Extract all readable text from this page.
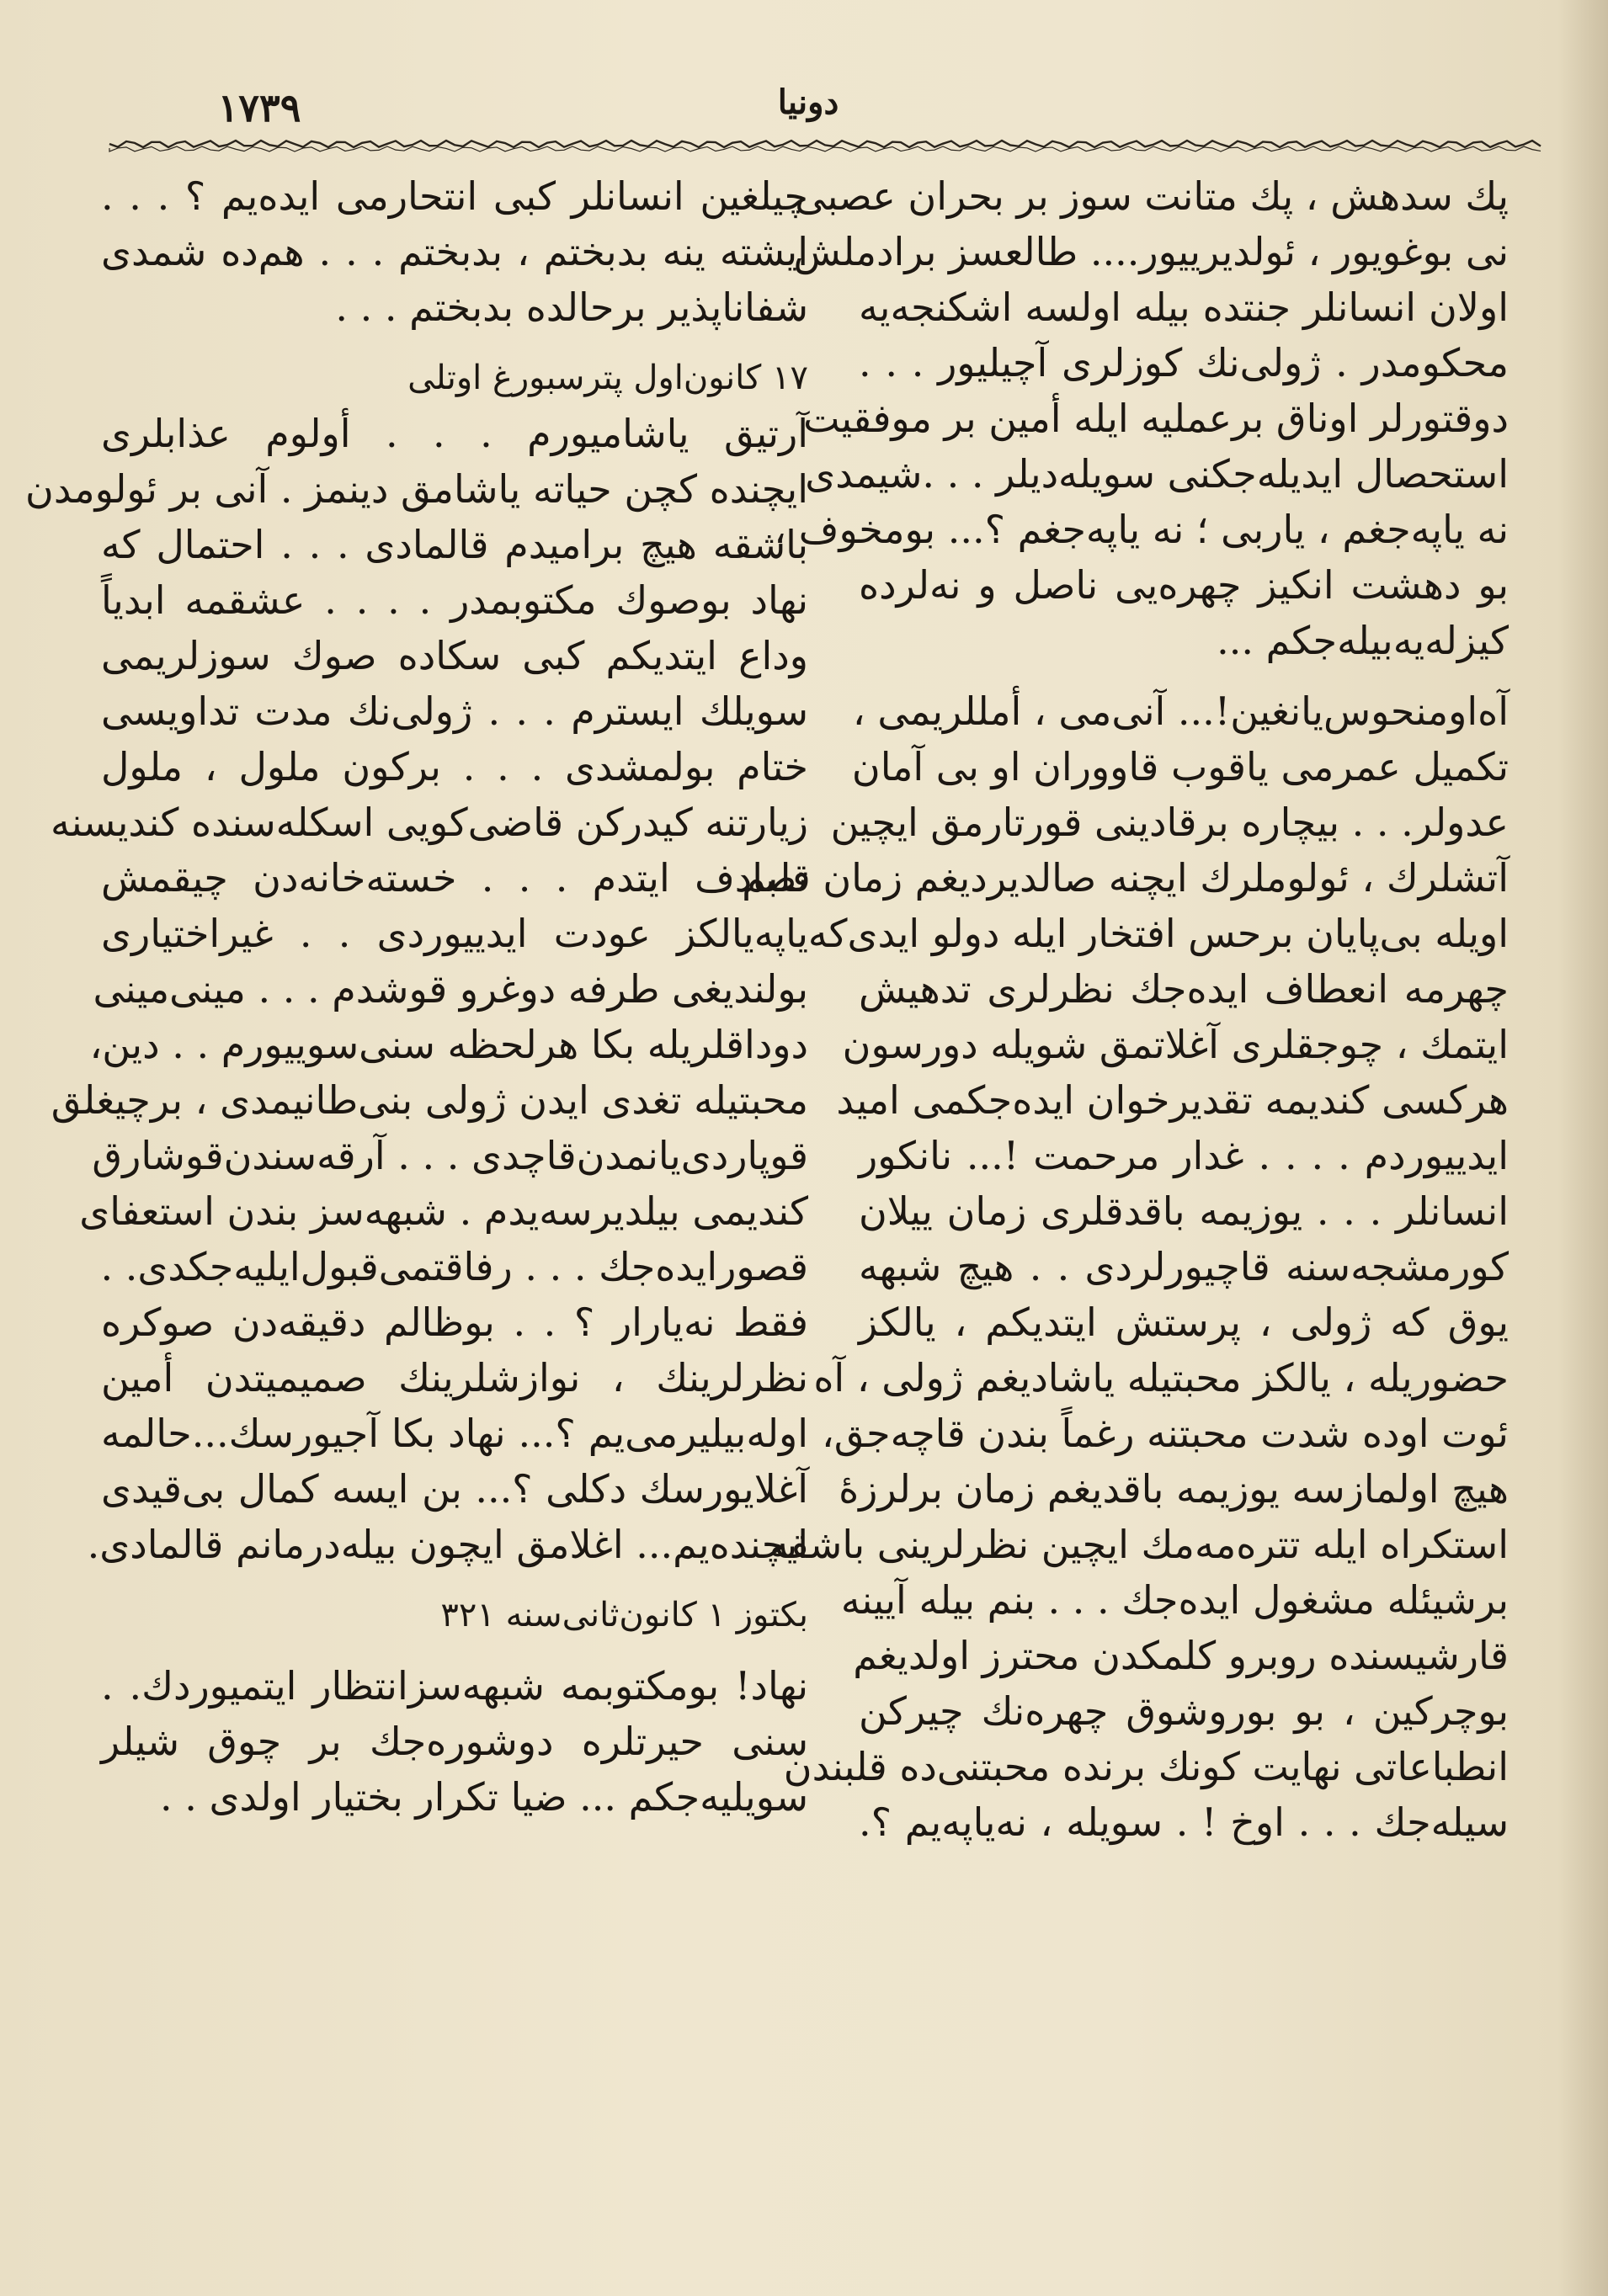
١٧٣٩	دونیا
پك سدهش ، پك متانت سوز بر بحران عصبی
نی بوغویور ، ئولدیرییور.... طالعسز برادملش
اولان انسانلر جنتده بیله اولسه اشکنجه‌یه
محکومدر . ژولی‌نك کوزلری آچیلیور . . .
دوقتورلر اوناق برعملیه ایله أمین بر موفقیت
استحصال ایدیله‌جکنی سویله‌دیلر . . .شیمدی
نه یاپه‌جغم ، یاربی ؛ نه یاپه‌جغم ؟... بومخوف ،
بو دهشت انکیز چهره‌یی ناصل و نه‌لرده
کیزله‌یه‌بیله‌جکم ...
آه‌اومنحوس‌یانغین!... آنی‌می ، أمللریمی ،
تکمیل عمرمی یاقوب قاووران او بی آمان
عدولر. . . بیچاره برقادینی قورتارمق ایچین
آتشلرك ، ئولوملرك ایچنه صالدیردیغم زمان قلبم
اویله بی‌پایان برحس افتخار ایله دولو ایدی‌که
چهرمه انعطاف ایده‌جك نظرلری تدهیش
ایتمك ، چوجقلری آغلاتمق شویله دورسون
هرکسی کندیمه تقدیرخوان ایده‌جکمی امید
ایدییوردم . . . . غدار مرحمت !... نانکور
انسانلر . . . یوزیمه باقدقلری زمان ییلان
کورمشجه‌سنه قاچیورلردی . . هیچ شبهه
یوق که ژولی ، پرستش ایتدیکم ، یالکز
حضوریله ، یالکز محبتیله یاشادیغم ژولی ، آه
ئوت اوده شدت محبتنه رغماً بندن قاچه‌جق،
هیچ اولمازسه یوزیمه باقدیغم زمان برلرزۀ
استکراه ایله تتره‌مه‌مك ایچین نظرلرینی باشقه
برشیئله مشغول ایده‌جك . . . بنم بیله آیینه
قارشیسنده روبرو کلمکدن محترز اولدیغم
بوچرکین ، بو بوروشوق چهره‌نك چیرکن
انطباعاتی نهایت کونك برنده محبتنی‌ده قلبندن
سیله‌جك . . . اوخ ! . سویله ، نه‌یاپه‌یم ؟.
چیلغین انسانلر کبی انتحارمی ایده‌یم ؟ . . .
ایشته ینه بدبختم ، بدبختم . . . هم‌ده شمدی
شفاناپذیر برحالده بدبختم . . .
۱۷ کانون‌اول پترسبورغ اوتلی
آرتیق یاشامیورم . . . أولوم عذابلری
ایچنده کچن حیاته یاشامق دینمز . آنی بر ئولومدن
باشقه هیچ برامیدم قالمادی . . . احتمال که
نهاد بوصوك مکتوبمدر . . . . عشقمه ابدیاً
وداع ایتدیکم کبی سکاده صوك سوزلریمی
سویلك ایسترم . . . ژولی‌نك مدت تداویسی
ختام بولمشدی . . . برکون ملول ، ملول
زیارتنه کیدرکن قاضی‌کویی اسکله‌سنده کندیسنه
تصادف ایتدم . . . خسته‌خانه‌دن چیقمش
یاپه‌یالکز عودت ایدییوردی . . غیراختیاری
بولندیغی طرفه دوغرو قوشدم . . . مینی‌مینی
دوداقلریله بکا هرلحظه سنی‌سوییورم . . دین،
محبتیله تغدی ایدن ژولی بنی‌طانیمدی ، برچیغلق
قوپاردی‌یانمدن‌قاچدی . . . آرقه‌سندن‌قوشارق
کندیمی بیلدیرسه‌یدم . شبهه‌سز بندن استعفای
قصورایده‌جك . . . رفاقتمی‌قبول‌ایلیه‌جکدی. .
فقط نه‌یارار ؟ . . بوظالم دقیقه‌دن صوکره
نظرلرینك ، نوازشلرینك صمیمیتدن أمین
اوله‌بیلیرمی‌یم ؟... نهاد بکا آجیورسك...حالمه
آغلایورسك دکلی ؟... بن ایسه کمال بی‌قیدی
ایچنده‌یم... اغلامق ایچون بیله‌درمانم قالمادی.
بکتوز ۱ کانون‌ثانی‌سنه ۳۲۱
نهاد! بومکتوبمه شبهه‌سزانتظار ایتمیوردك. .
سنی حیرتلره دوشوره‌جك بر چوق شیلر
سویلیه‌جکم ... ضیا تکرار بختیار اولدی . .
